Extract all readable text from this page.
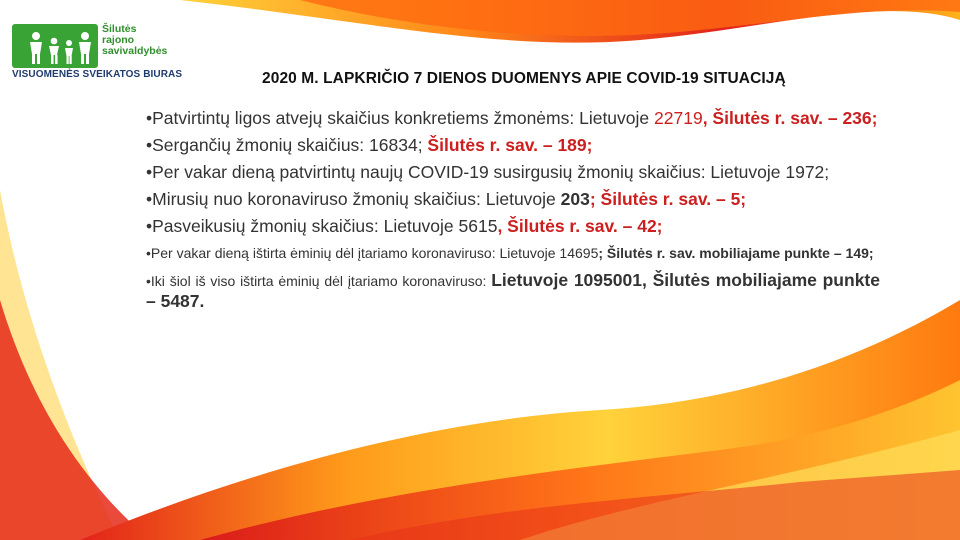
Šilutės
rajono
savivaldybės
VISUOMENĖS SVEIKATOS BIURAS	2020 M. LAPKRIČIO 7 DIENOS DUOMENYS APIE COVID-19 SITUACIJĄ
•Patvirtintų ligos atvejų skaičius konkretiems žmonėms: Lietuvoje 22719, Šilutės r. sav. – 236;
•Sergančių žmonių skaičius: 16834; Šilutės r. sav. – 189;
•Per vakar dieną patvirtintų naujų COVID-19 susirgusių žmonių skaičius: Lietuvoje 1972;
•Mirusių nuo koronaviruso žmonių skaičius: Lietuvoje 203; Šilutės r. sav. – 5;
•Pasveikusių žmonių skaičius: Lietuvoje 5615, Šilutės r. sav. – 42;
•Per vakar dieną ištirta ėminių dėl įtariamo koronaviruso: Lietuvoje 14695; Šilutės r. sav. mobiliajame punkte – 149;
•Iki šiol iš viso ištirta ėminių dėl įtariamo koronaviruso: Lietuvoje 1095001, Šilutės mobiliajame punkte – 5487.
